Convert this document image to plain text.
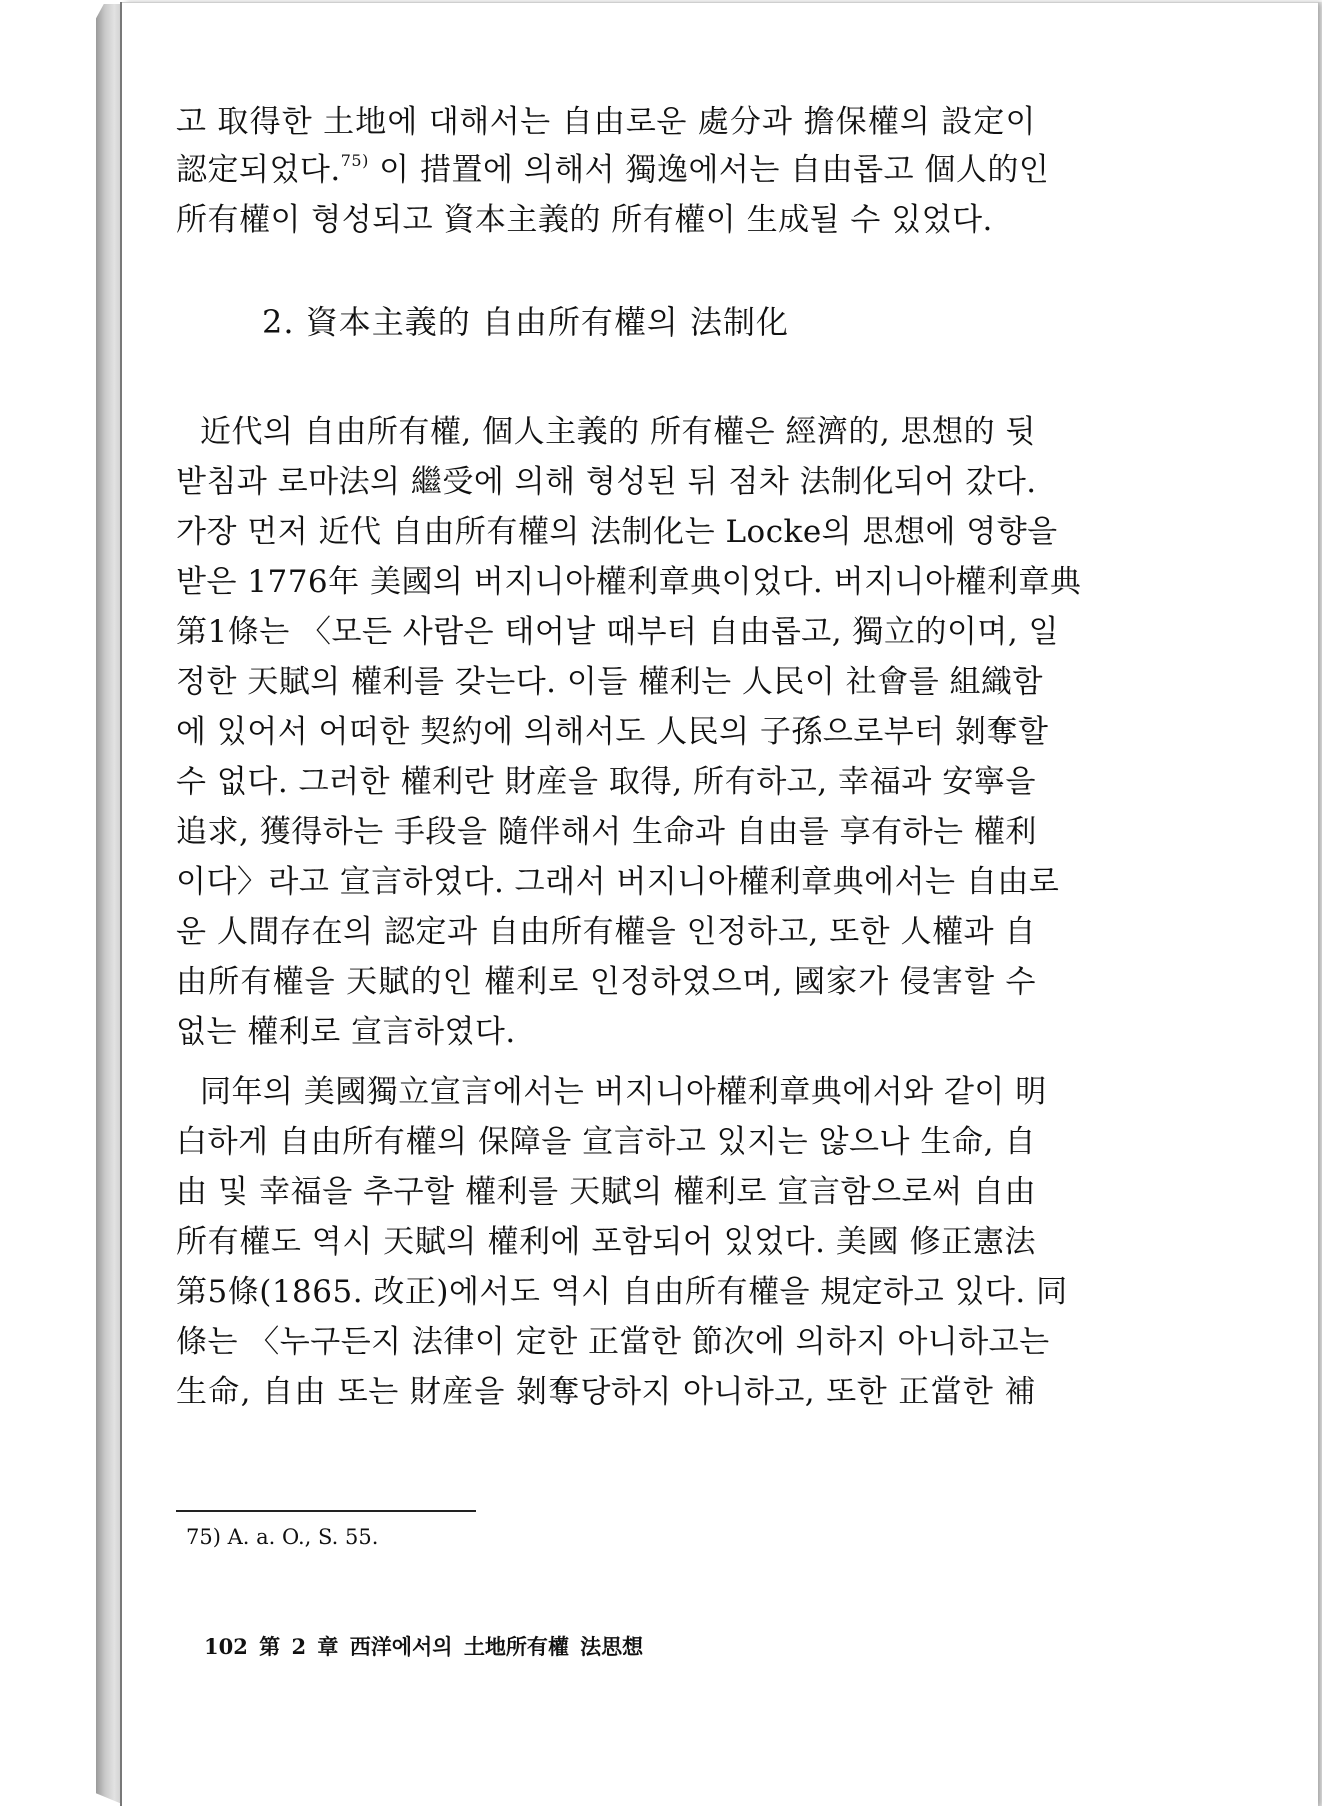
고 取得한 土地에 대해서는 自由로운 處分과 擔保權의 設定이
認定되었다.$^{75)}$ 이 措置에 의해서 獨逸에서는 自由롭고 個人的인
所有權이 형성되고 資本主義的 所有權이 生成될 수 있었다.
2. 資本主義的 自由所有權의 法制化
近代의 自由所有權, 個人主義的 所有權은 經濟的, 思想的 뒷
받침과 로마法의 繼受에 의해 형성된 뒤 점차 法制化되어 갔다.
가장 먼저 近代 自由所有權의 法制化는 Locke의 思想에 영향을
받은 1776年 美國의 버지니아權利章典이었다. 버지니아權利章典
第1條는 〈모든 사람은 태어날 때부터 自由롭고, 獨立的이며, 일
정한 天賦의 權利를 갖는다. 이들 權利는 人民이 社會를 組織함
에 있어서 어떠한 契約에 의해서도 人民의 子孫으로부터 剝奪할
수 없다. 그러한 權利란 財産을 取得, 所有하고, 幸福과 安寧을
追求, 獲得하는 手段을 隨伴해서 生命과 自由를 享有하는 權利
이다〉라고 宣言하였다. 그래서 버지니아權利章典에서는 自由로
운 人間存在의 認定과 自由所有權을 인정하고, 또한 人權과 自
由所有權을 天賦的인 權利로 인정하였으며, 國家가 侵害할 수
없는 權利로 宣言하였다.
同年의 美國獨立宣言에서는 버지니아權利章典에서와 같이 明
白하게 自由所有權의 保障을 宣言하고 있지는 않으나 生命, 自
由 및 幸福을 추구할 權利를 天賦의 權利로 宣言함으로써 自由
所有權도 역시 天賦의 權利에 포함되어 있었다. 美國 修正憲法
第5條(1865. 改正)에서도 역시 自由所有權을 規定하고 있다. 同
條는 〈누구든지 法律이 定한 正當한 節次에 의하지 아니하고는
生命, 自由 또는 財産을 剝奪당하지 아니하고, 또한 正當한 補
75) A. a. O., S. 55.
102 第 2 章 西洋에서의 土地所有權 法思想
